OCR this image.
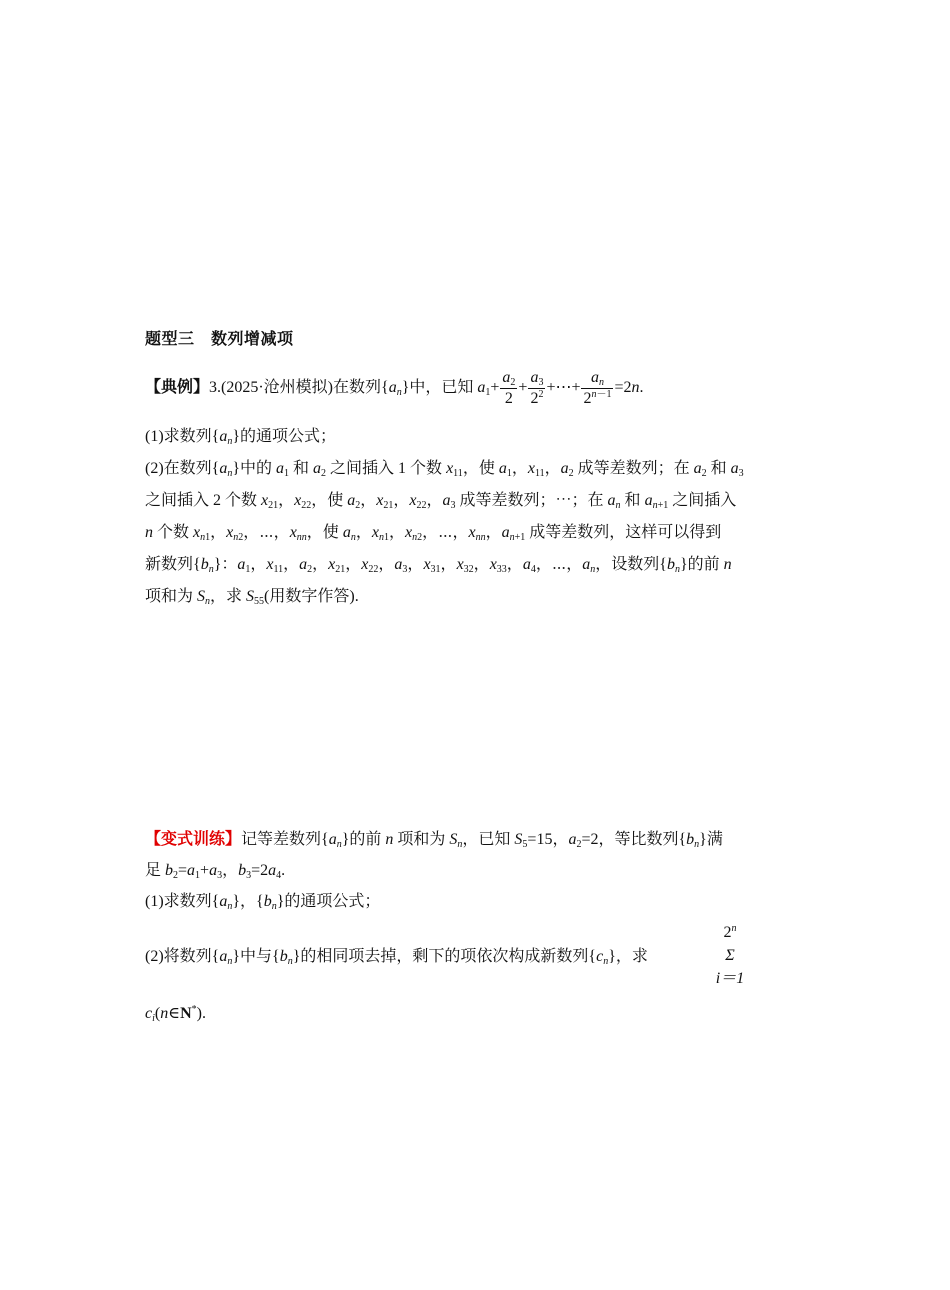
题型三　数列增减项
【典例】3.(2025·沧州模拟)在数列$\{a_n\}$中，已知 $a_1+ \frac{a_2}{2} + \frac{a_3}{2^2}$ +⋯+ $\frac{a_n}{2^{n-1}} =2n$.
(1)求数列$\{a_n\}$的通项公式；
(2)在数列$\{a_n\}$中的 $a_1$ 和 $a_2$ 之间插入 1 个数 $x_{11}$，使 $a_1$，$x_{11}$，$a_2$ 成等差数列；在 $a_2$ 和 $a_3$
之间插入 2 个数 $x_{21}$，$x_{22}$，使 $a_2$，$x_{21}$，$x_{22}$，$a_3$ 成等差数列；⋯；在 $a_n$ 和 $a_{n+1}$ 之间插入
n 个数 $x_{n1}$，$x_{n2}$，⋯，$x_{nn}$，使 $a_n$，$x_{n1}$，$x_{n2}$，⋯，$x_{nn}$，$a_{n+1}$ 成等差数列，这样可以得到
新数列$\{b_n\}$：$a_1$，$x_{11}$，$a_2$，$x_{21}$，$x_{22}$，$a_3$，$x_{31}$，$x_{32}$，$x_{33}$，$a_4$，⋯，$a_n$，设数列$\{b_n\}$的前 n
项和为 $S_n$，求 $S_{55}$(用数字作答).
【变式训练】记等差数列$\{a_n\}$的前 n 项和为 $S_n$，已知 $S_5=15$，$a_2=2$，等比数列$\{b_n\}$满
足 $b_2=a_1+a_3$，$b_3=2a_4$.
(1)求数列$\{a_n\}$，$\{b_n\}$的通项公式；
(2)将数列$\{a_n\}$中与$\{b_n\}$的相同项去掉，剩下的项依次构成新数列$\{c_n\}$，求
2$^n$
Σ
i＝1
$c_i(n\in N^*)$.
